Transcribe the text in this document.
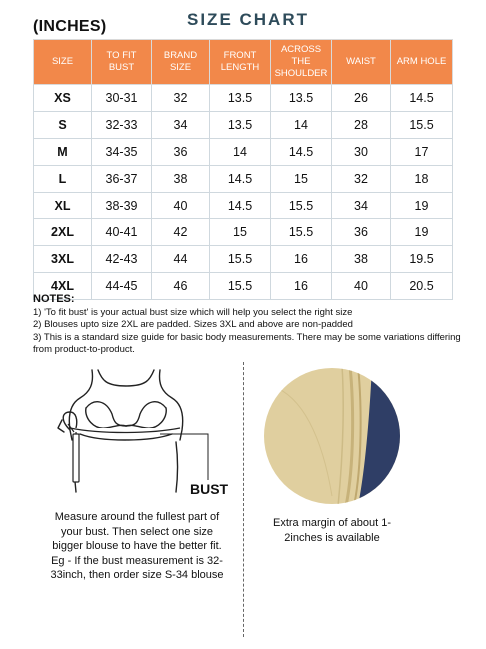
(INCHES)	SIZE CHART
SIZE	TO FIT BUST	BRAND SIZE	FRONT LENGTH	ACROSS THE SHOULDER	WAIST	ARM HOLE
XS	30-31	32	13.5	13.5	26	14.5
S	32-33	34	13.5	14	28	15.5
M	34-35	36	14	14.5	30	17
L	36-37	38	14.5	15	32	18
XL	38-39	40	14.5	15.5	34	19
2XL	40-41	42	15	15.5	36	19
3XL	42-43	44	15.5	16	38	19.5
4XL	44-45	46	15.5	16	40	20.5
NOTES:
1) 'To fit bust' is your actual bust size which will help you select the right size
2) Blouses upto size 2XL are padded. Sizes 3XL and above are non-padded
3) This is a standard size guide for basic body measurements. There may be some variations differing from product-to-product.
BUST
Measure around the fullest part of your bust. Then select one size bigger blouse to have the better fit. Eg - If the bust measurement is 32-33inch, then order size S-34 blouse
Extra margin of about 1-2inches is available
